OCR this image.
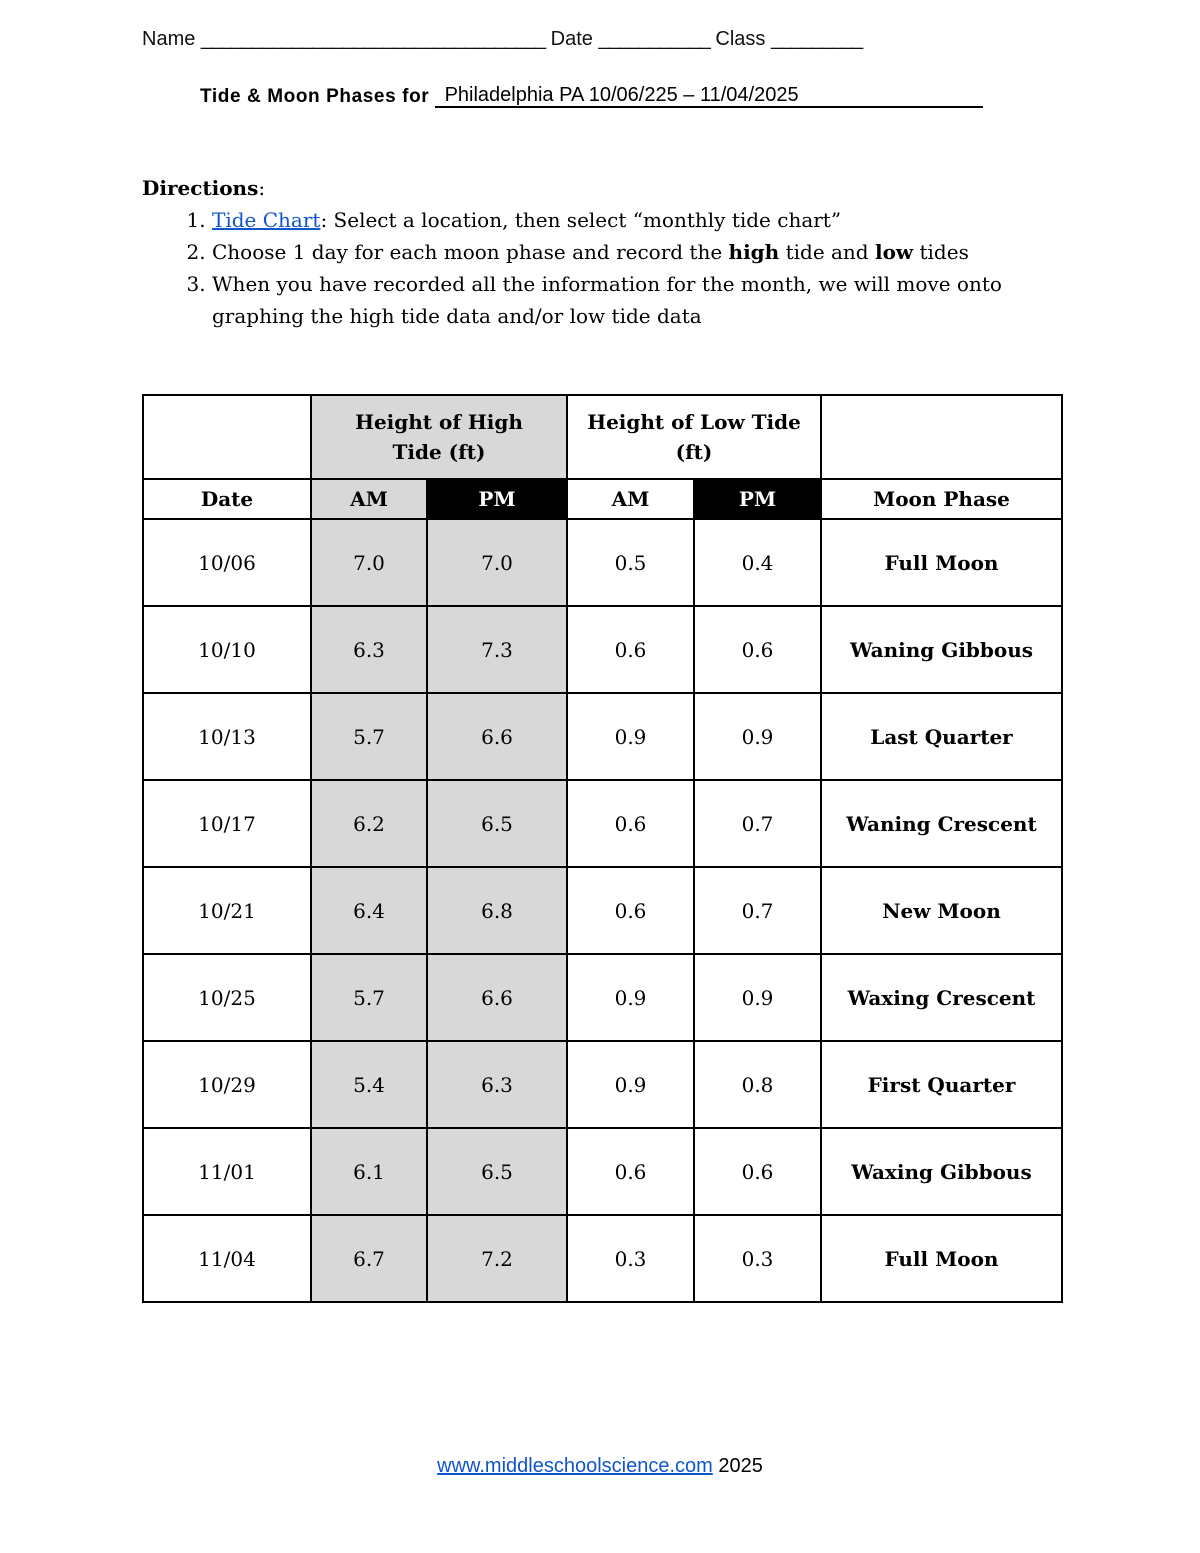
Name __________________________________ Date ___________ Class _________
Tide & Moon Phases for Philadelphia PA 10/06/225 – 11/04/2025
Directions:
1. Tide Chart: Select a location, then select “monthly tide chart”
2. Choose 1 day for each moon phase and record the high tide and low tides
3. When you have recorded all the information for the month, we will move onto graphing the high tide data and/or low tide data
	Height of High Tide (ft)		Height of Low Tide (ft)		
Date	AM	PM	AM	PM	Moon Phase
10/06	7.0	7.0	0.5	0.4	Full Moon
10/10	6.3	7.3	0.6	0.6	Waning Gibbous
10/13	5.7	6.6	0.9	0.9	Last Quarter
10/17	6.2	6.5	0.6	0.7	Waning Crescent
10/21	6.4	6.8	0.6	0.7	New Moon
10/25	5.7	6.6	0.9	0.9	Waxing Crescent
10/29	5.4	6.3	0.9	0.8	First Quarter
11/01	6.1	6.5	0.6	0.6	Waxing Gibbous
11/04	6.7	7.2	0.3	0.3	Full Moon
www.middleschoolscience.com 2025
